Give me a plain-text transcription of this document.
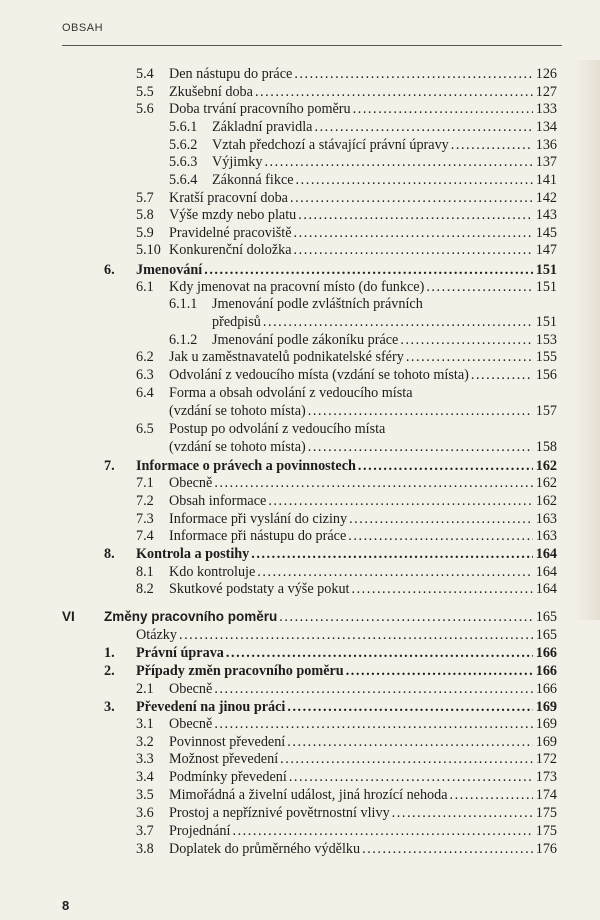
OBSAH
5.4 Den nástupu do práce . . .	126
5.5 Zkušební doba . . .	127
5.6 Doba trvání pracovního poměru . . .	133
5.6.1 Základní pravidla . . .	134
5.6.2 Vztah předchozí a stávající právní úpravy . . .	136
5.6.3 Výjimky . . .	137
5.6.4 Zákonná fikce . . .	141
5.7 Kratší pracovní doba . . .	142
5.8 Výše mzdy nebo platu . . .	143
5.9 Pravidelné pracoviště . . .	145
5.10 Konkurenční doložka . . .	147
6. Jmenování . . .	151
6.1 Kdy jmenovat na pracovní místo (do funkce) . . .	151
6.1.1 Jmenování podle zvláštních právních
předpisů . . .	151
6.1.2 Jmenování podle zákoníku práce . . .	153
6.2 Jak u zaměstnavatelů podnikatelské sféry . . .	155
6.3 Odvolání z vedoucího místa (vzdání se tohoto místa) . . .	156
6.4 Forma a obsah odvolání z vedoucího místa
(vzdání se tohoto místa) . . .	157
6.5 Postup po odvolání z vedoucího místa
(vzdání se tohoto místa) . . .	158
7. Informace o právech a povinnostech . . .	162
7.1 Obecně . . .	162
7.2 Obsah informace . . .	162
7.3 Informace při vyslání do ciziny . . .	163
7.4 Informace při nástupu do práce . . .	163
8. Kontrola a postihy . . .	164
8.1 Kdo kontroluje . . .	164
8.2 Skutkové podstaty a výše pokut . . .	164
VI Změny pracovního poměru . . .	165
Otázky . . .	165
1. Právní úprava . . .	166
2. Případy změn pracovního poměru . . .	166
2.1 Obecně . . .	166
3. Převedení na jinou práci . . .	169
3.1 Obecně . . .	169
3.2 Povinnost převedení . . .	169
3.3 Možnost převedení . . .	172
3.4 Podmínky převedení . . .	173
3.5 Mimořádná a živelní událost, jiná hrozící nehoda . . .	174
3.6 Prostoj a nepříznivé povětrnostní vlivy . . .	175
3.7 Projednání . . .	175
3.8 Doplatek do průměrného výdělku . . .	176
8
